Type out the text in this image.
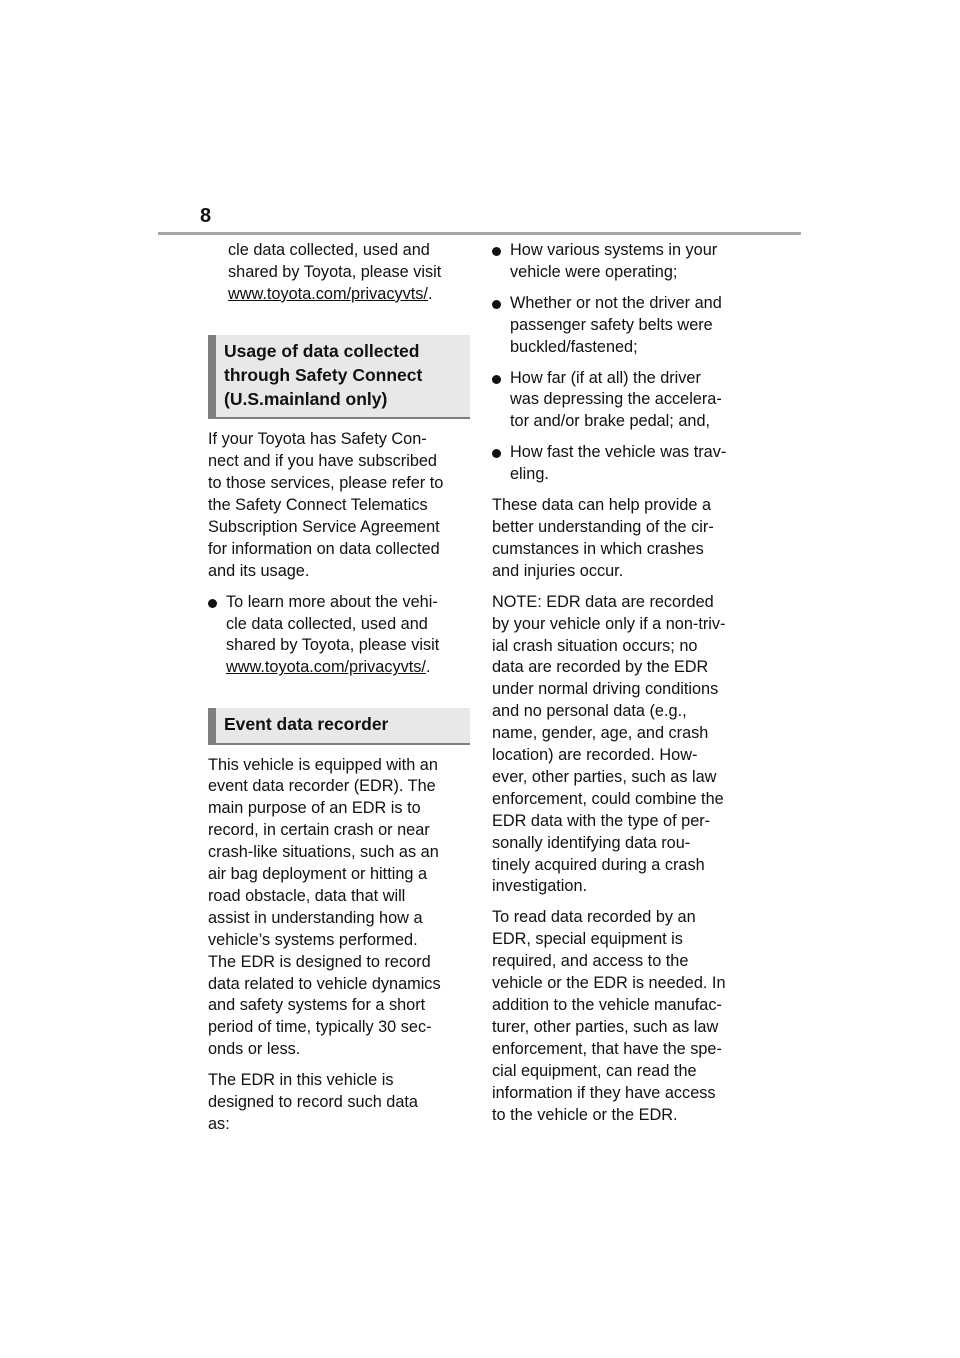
8
cle data collected, used and
shared by Toyota, please visit
www.toyota.com/privacyvts/.
Usage of data collected
through Safety Connect
(U.S.mainland only)
If your Toyota has Safety Con-
nect and if you have subscribed
to those services, please refer to
the Safety Connect Telematics
Subscription Service Agreement
for information on data collected
and its usage.
To learn more about the vehi-
cle data collected, used and
shared by Toyota, please visit
www.toyota.com/privacyvts/.
Event data recorder
This vehicle is equipped with an
event data recorder (EDR). The
main purpose of an EDR is to
record, in certain crash or near
crash-like situations, such as an
air bag deployment or hitting a
road obstacle, data that will
assist in understanding how a
vehicle’s systems performed.
The EDR is designed to record
data related to vehicle dynamics
and safety systems for a short
period of time, typically 30 sec-
onds or less.
The EDR in this vehicle is
designed to record such data
as:
How various systems in your
vehicle were operating;
Whether or not the driver and
passenger safety belts were
buckled/fastened;
How far (if at all) the driver
was depressing the accelera-
tor and/or brake pedal; and,
How fast the vehicle was trav-
eling.
These data can help provide a
better understanding of the cir-
cumstances in which crashes
and injuries occur.
NOTE: EDR data are recorded
by your vehicle only if a non-triv-
ial crash situation occurs; no
data are recorded by the EDR
under normal driving conditions
and no personal data (e.g.,
name, gender, age, and crash
location) are recorded. How-
ever, other parties, such as law
enforcement, could combine the
EDR data with the type of per-
sonally identifying data rou-
tinely acquired during a crash
investigation.
To read data recorded by an
EDR, special equipment is
required, and access to the
vehicle or the EDR is needed. In
addition to the vehicle manufac-
turer, other parties, such as law
enforcement, that have the spe-
cial equipment, can read the
information if they have access
to the vehicle or the EDR.
